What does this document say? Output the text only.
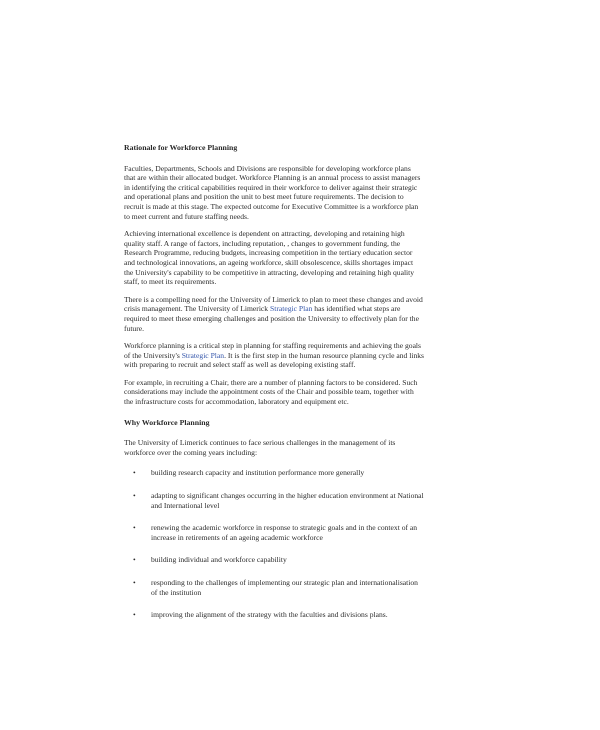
Rationale for Workforce Planning

Faculties, Departments, Schools and Divisions are responsible for developing workforce plans that are within their allocated budget. Workforce Planning is an annual process to assist managers in identifying the critical capabilities required in their workforce to deliver against their strategic and operational plans and position the unit to best meet future requirements. The decision to recruit is made at this stage. The expected outcome for Executive Committee is a workforce plan to meet current and future staffing needs.

Achieving international excellence is dependent on attracting, developing and retaining high quality staff. A range of factors, including reputation, , changes to government funding, the Research Programme, reducing budgets, increasing competition in the tertiary education sector and technological innovations, an ageing workforce, skill obsolescence, skills shortages impact the University's capability to be competitive in attracting, developing and retaining high quality staff, to meet its requirements.

There is a compelling need for the University of Limerick to plan to meet these changes and avoid crisis management. The University of Limerick Strategic Plan has identified what steps are required to meet these emerging challenges and position the University to effectively plan for the future.

Workforce planning is a critical step in planning for staffing requirements and achieving the goals of the University's Strategic Plan. It is the first step in the human resource planning cycle and links with preparing to recruit and select staff as well as developing existing staff.

For example, in recruiting a Chair, there are a number of planning factors to be considered. Such considerations may include the appointment costs of the Chair and possible team, together with the infrastructure costs for accommodation, laboratory and equipment etc.

Why Workforce Planning

The University of Limerick continues to face serious challenges in the management of its workforce over the coming years including:

• building research capacity and institution performance more generally
• adapting to significant changes occurring in the higher education environment at National and International level
• renewing the academic workforce in response to strategic goals and in the context of an increase in retirements of an ageing academic workforce
• building individual and workforce capability
• responding to the challenges of implementing our strategic plan and internationalisation of the institution
• improving the alignment of the strategy with the faculties and divisions plans.
